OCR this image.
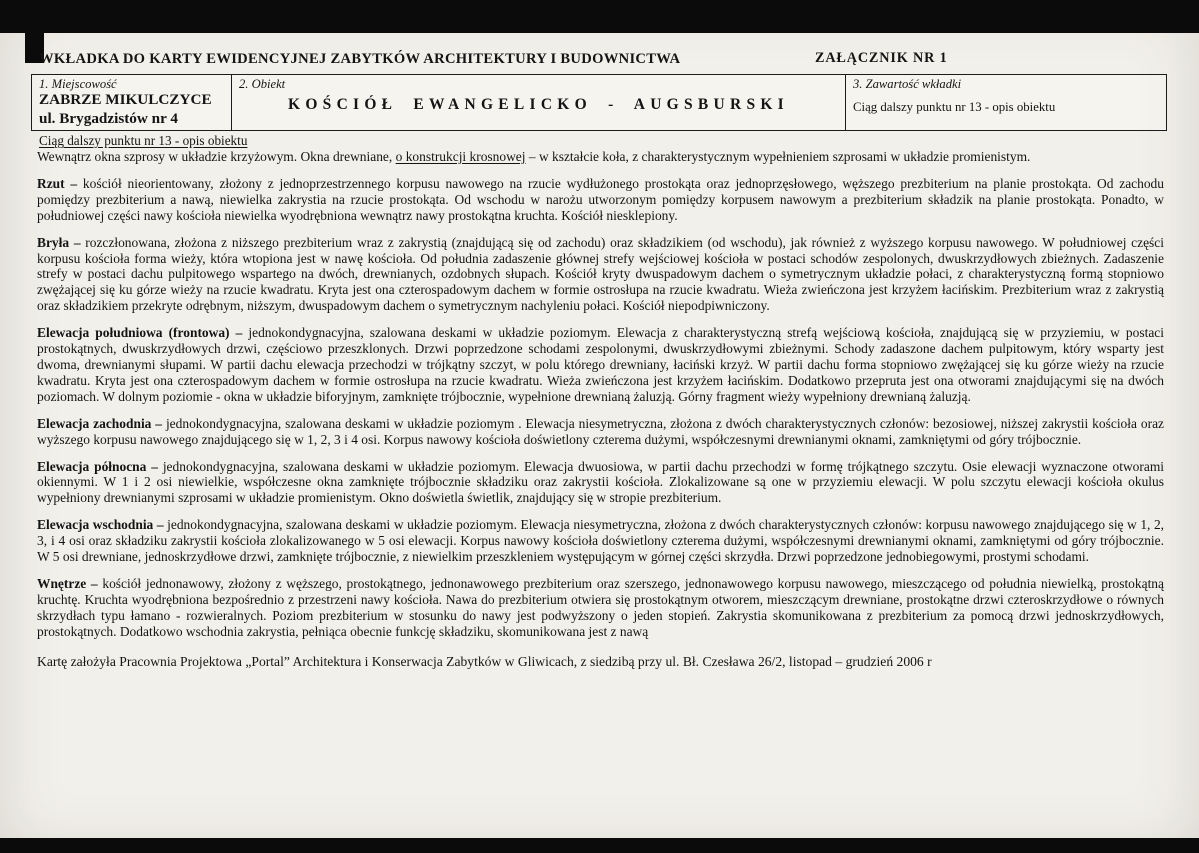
WKŁADKA DO KARTY EWIDENCYJNEJ ZABYTKÓW ARCHITEKTURY I BUDOWNICTWA	ZAŁĄCZNIK NR 1
1. Miejscowość
ZABRZE MIKULCZYCE
ul. Brygadzistów nr 4
2. Obiekt
KOŚCIÓŁ EWANGELICKO - AUGSBURSKI
3. Zawartość wkładki
Ciąg dalszy punktu nr 13 - opis obiektu
Ciąg dalszy punktu nr 13 - opis obiektu

Wewnątrz okna szprosy w układzie krzyżowym. Okna drewniane, o konstrukcji krosnowej – w kształcie koła, z charakterystycznym wypełnieniem szprosami w układzie promienistym.

Rzut – kościół nieorientowany, złożony z jednoprzestrzennego korpusu nawowego na rzucie wydłużonego prostokąta oraz jednoprzęsłowego, węższego prezbiterium na planie prostokąta. Od zachodu pomiędzy prezbiterium a nawą, niewielka zakrystia na rzucie prostokąta. Od wschodu w narożu utworzonym pomiędzy korpusem nawowym a prezbiterium składzik na planie prostokąta. Ponadto, w południowej części nawy kościoła niewielka wyodrębniona wewnątrz nawy prostokątna kruchta. Kościół niesklepiony.

Bryła – rozczłonowana, złożona z niższego prezbiterium wraz z zakrystią (znajdującą się od zachodu) oraz składzikiem (od wschodu), jak również z wyższego korpusu nawowego. W południowej części korpusu kościoła forma wieży, która wtopiona jest w nawę kościoła. Od południa zadaszenie głównej strefy wejściowej kościoła w postaci schodów zespolonych, dwuskrzydłowych zbieżnych. Zadaszenie strefy w postaci dachu pulpitowego wspartego na dwóch, drewnianych, ozdobnych słupach. Kościół kryty dwuspadowym dachem o symetrycznym układzie połaci, z charakterystyczną formą stopniowo zwężającej się ku górze wieży na rzucie kwadratu. Kryta jest ona czterospadowym dachem w formie ostrosłupa na rzucie kwadratu. Wieża zwieńczona jest krzyżem łacińskim. Prezbiterium wraz z zakrystią oraz składzikiem przekryte odrębnym, niższym, dwuspadowym dachem o symetrycznym nachyleniu połaci. Kościół niepodpiwniczony.

Elewacja południowa (frontowa) – jednokondygnacyjna, szalowana deskami w układzie poziomym. Elewacja z charakterystyczną strefą wejściową kościoła, znajdującą się w przyziemiu, w postaci prostokątnych, dwuskrzydłowych drzwi, częściowo przeszklonych. Drzwi poprzedzone schodami zespolonymi, dwuskrzydłowymi zbieżnymi. Schody zadaszone dachem pulpitowym, który wsparty jest dwoma, drewnianymi słupami. W partii dachu elewacja przechodzi w trójkątny szczyt, w polu którego drewniany, łaciński krzyż. W partii dachu forma stopniowo zwężającej się ku górze wieży na rzucie kwadratu. Kryta jest ona czterospadowym dachem w formie ostrosłupa na rzucie kwadratu. Wieża zwieńczona jest krzyżem łacińskim. Dodatkowo przepruta jest ona otworami znajdującymi się na dwóch poziomach. W dolnym poziomie - okna w układzie biforyjnym, zamknięte trójbocznie, wypełnione drewnianą żaluzją. Górny fragment wieży wypełniony drewnianą żaluzją.

Elewacja zachodnia – jednokondygnacyjna, szalowana deskami w układzie poziomym . Elewacja niesymetryczna, złożona z dwóch charakterystycznych członów: bezosiowej, niższej zakrystii kościoła oraz wyższego korpusu nawowego znajdującego się w 1, 2, 3 i 4 osi. Korpus nawowy kościoła doświetlony czterema dużymi, współczesnymi drewnianymi oknami, zamkniętymi od góry trójbocznie.

Elewacja północna – jednokondygnacyjna, szalowana deskami w układzie poziomym. Elewacja dwuosiowa, w partii dachu przechodzi w formę trójkątnego szczytu. Osie elewacji wyznaczone otworami okiennymi. W 1 i 2 osi niewielkie, współczesne okna zamknięte trójbocznie składziku oraz zakrystii kościoła. Zlokalizowane są one w przyziemiu elewacji. W polu szczytu elewacji kościoła okulus wypełniony drewnianymi szprosami w układzie promienistym. Okno doświetla świetlik, znajdujący się w stropie prezbiterium.

Elewacja wschodnia – jednokondygnacyjna, szalowana deskami w układzie poziomym. Elewacja niesymetryczna, złożona z dwóch charakterystycznych członów: korpusu nawowego znajdującego się w 1, 2, 3, i 4 osi oraz składziku zakrystii kościoła zlokalizowanego w 5 osi elewacji. Korpus nawowy kościoła doświetlony czterema dużymi, współczesnymi drewnianymi oknami, zamkniętymi od góry trójbocznie. W 5 osi drewniane, jednoskrzydłowe drzwi, zamknięte trójbocznie, z niewielkim przeszkleniem występującym w górnej części skrzydła. Drzwi poprzedzone jednobiegowymi, prostymi schodami.

Wnętrze – kościół jednonawowy, złożony z węższego, prostokątnego, jednonawowego prezbiterium oraz szerszego, jednonawowego korpusu nawowego, mieszczącego od południa niewielką, prostokątną kruchtę. Kruchta wyodrębniona bezpośrednio z przestrzeni nawy kościoła. Nawa do prezbiterium otwiera się prostokątnym otworem, mieszczącym drewniane, prostokątne drzwi czteroskrzydłowe o równych skrzydłach typu łamano - rozwieralnych. Poziom prezbiterium w stosunku do nawy jest podwyższony o jeden stopień. Zakrystia skomunikowana z prezbiterium za pomocą drzwi jednoskrzydłowych, prostokątnych. Dodatkowo wschodnia zakrystia, pełniąca obecnie funkcję składziku, skomunikowana jest z nawą

Kartę założyła Pracownia Projektowa „Portal” Architektura i Konserwacja Zabytków w Gliwicach, z siedzibą przy ul. Bł. Czesława 26/2, listopad – grudzień 2006 r
